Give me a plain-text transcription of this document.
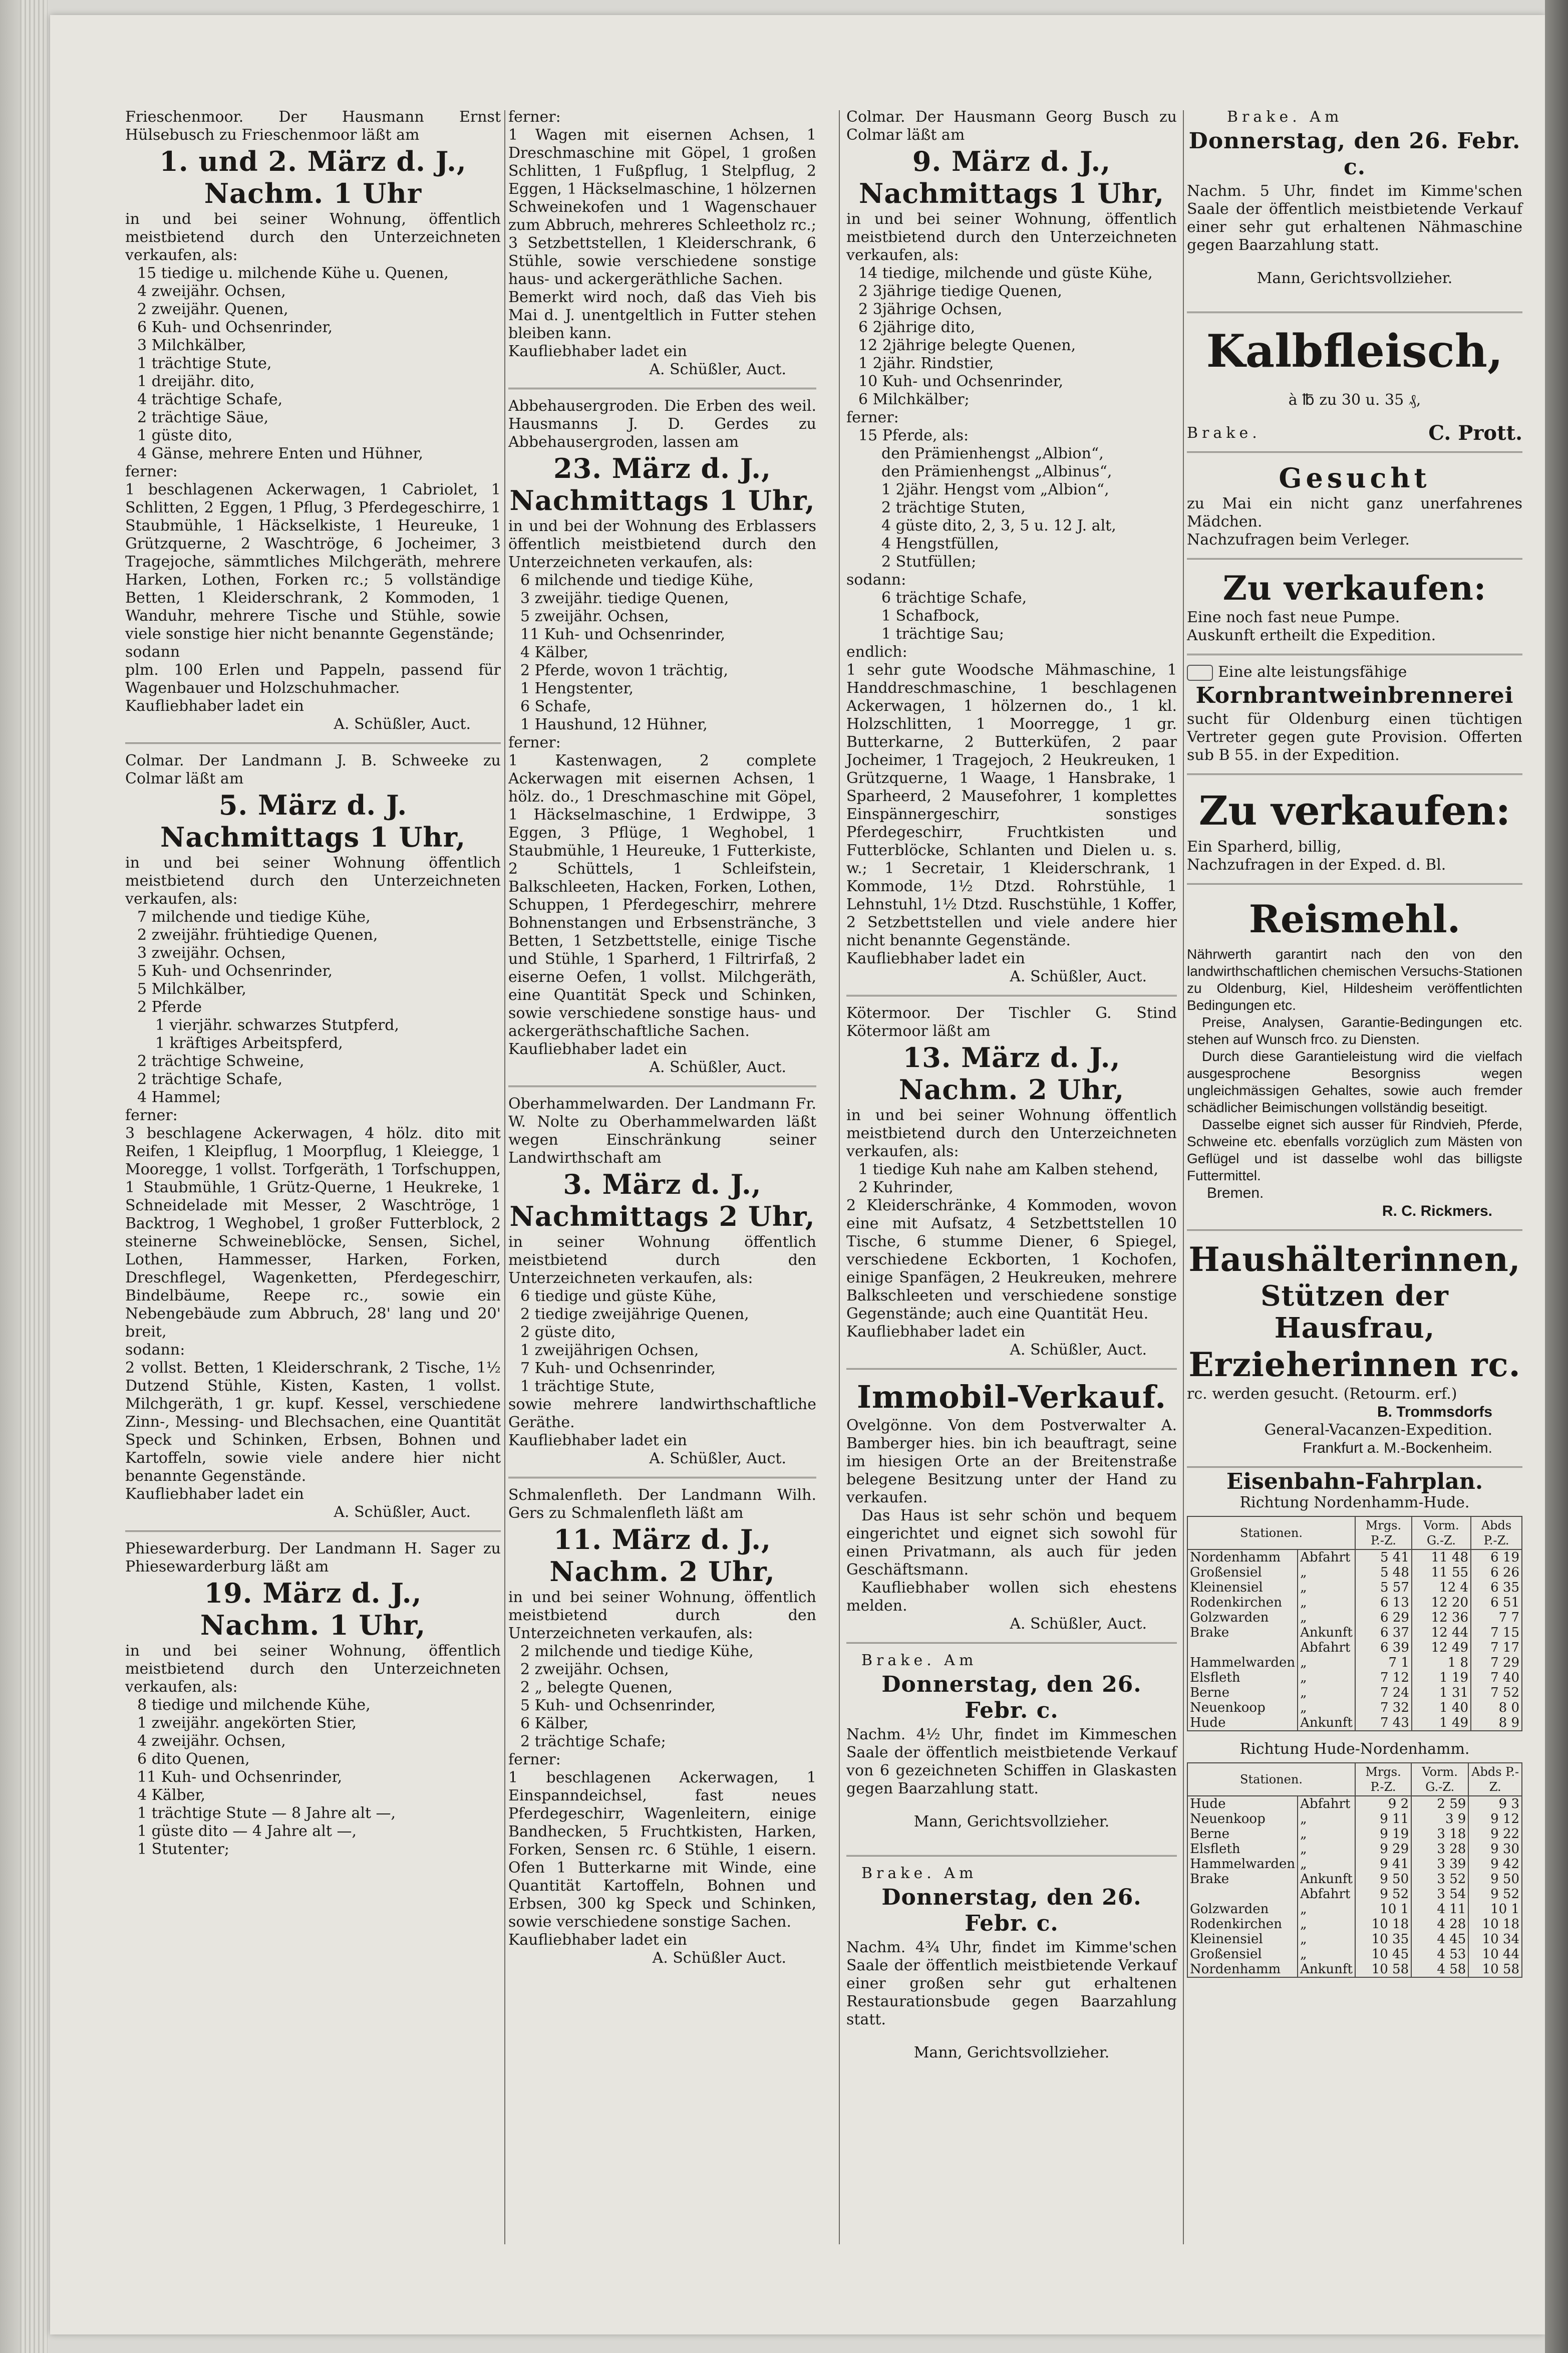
Frieschenmoor. Der Hausmann Ernst Hülsebusch zu Frieschenmoor läßt am

1. und 2. März d. J.,
Nachm. 1 Uhr

in und bei seiner Wohnung, öffentlich meistbietend durch den Unterzeichneten verkaufen, als:

15 tiedige u. milchende Kühe u. Quenen,

4 zweijähr. Ochsen,

2 zweijähr. Quenen,

6 Kuh- und Ochsenrinder,

3 Milchkälber,

1 trächtige Stute,

1 dreijähr. dito,

4 trächtige Schafe,

2 trächtige Säue,

1 güste dito,

4 Gänse, mehrere Enten und Hühner,

ferner:

1 beschlagenen Ackerwagen, 1 Cabriolet, 1 Schlitten, 2 Eggen, 1 Pflug, 3 Pferdegeschirre, 1 Staubmühle, 1 Häckselkiste, 1 Heureuke, 1 Grützquerne, 2 Waschtröge, 6 Jocheimer, 3 Tragejoche, sämmtliches Milchgeräth, mehrere Harken, Lothen, Forken rc.; 5 vollständige Betten, 1 Kleiderschrank, 2 Kommoden, 1 Wanduhr, mehrere Tische und Stühle, sowie viele sonstige hier nicht benannte Gegenstände;

sodann

plm. 100 Erlen und Pappeln, passend für Wagenbauer und Holzschuhmacher.

Kaufliebhaber ladet ein

A. Schüßler, Auct.

Colmar. Der Landmann J. B. Schweeke zu Colmar läßt am

5. März d. J.
Nachmittags 1 Uhr,

in und bei seiner Wohnung öffentlich meistbietend durch den Unterzeichneten verkaufen, als:

7 milchende und tiedige Kühe,

2 zweijähr. frühtiedige Quenen,

3 zweijähr. Ochsen,

5 Kuh- und Ochsenrinder,

5 Milchkälber,

2 Pferde

1 vierjähr. schwarzes Stutpferd,

1 kräftiges Arbeitspferd,

2 trächtige Schweine,

2 trächtige Schafe,

4 Hammel;

ferner:

3 beschlagene Ackerwagen, 4 hölz. dito mit Reifen, 1 Kleipflug, 1 Moorpflug, 1 Kleiegge, 1 Mooregge, 1 vollst. Torfgeräth, 1 Torfschuppen, 1 Staubmühle, 1 Grütz-Querne, 1 Heukreke, 1 Schneidelade mit Messer, 2 Waschtröge, 1 Backtrog, 1 Weghobel, 1 großer Futterblock, 2 steinerne Schweineblöcke, Sensen, Sichel, Lothen, Hammesser, Harken, Forken, Dreschflegel, Wagenketten, Pferdegeschirr, Bindelbäume, Reepe rc., sowie ein Nebengebäude zum Abbruch, 28' lang und 20' breit,

sodann:

2 vollst. Betten, 1 Kleiderschrank, 2 Tische, 1½ Dutzend Stühle, Kisten, Kasten, 1 vollst. Milchgeräth, 1 gr. kupf. Kessel, verschiedene Zinn-, Messing- und Blechsachen, eine Quantität Speck und Schinken, Erbsen, Bohnen und Kartoffeln, sowie viele andere hier nicht benannte Gegenstände.

Kaufliebhaber ladet ein

A. Schüßler, Auct.

Phiesewarderburg. Der Landmann H. Sager zu Phiesewarderburg läßt am

19. März d. J.,
Nachm. 1 Uhr,

in und bei seiner Wohnung, öffentlich meistbietend durch den Unterzeichneten verkaufen, als:

8 tiedige und milchende Kühe,

1 zweijähr. angekörten Stier,

4 zweijähr. Ochsen,

6 dito Quenen,

11 Kuh- und Ochsenrinder,

4 Kälber,

1 trächtige Stute — 8 Jahre alt —,

1 güste dito — 4 Jahre alt —,

1 Stutenter;

ferner:

1 Wagen mit eisernen Achsen, 1 Dreschmaschine mit Göpel, 1 großen Schlitten, 1 Fußpflug, 1 Stelpflug, 2 Eggen, 1 Häckselmaschine, 1 hölzernen Schweinekofen und 1 Wagenschauer zum Abbruch, mehreres Schleetholz rc.; 3 Setzbettstellen, 1 Kleiderschrank, 6 Stühle, sowie verschiedene sonstige haus- und ackergeräthliche Sachen.

Bemerkt wird noch, daß das Vieh bis Mai d. J. unentgeltlich in Futter stehen bleiben kann.

Kaufliebhaber ladet ein

A. Schüßler, Auct.

Abbehausergroden. Die Erben des weil. Hausmanns J. D. Gerdes zu Abbehausergroden, lassen am

23. März d. J.,
Nachmittags 1 Uhr,

in und bei der Wohnung des Erblassers öffentlich meistbietend durch den Unterzeichneten verkaufen, als:

6 milchende und tiedige Kühe,

3 zweijähr. tiedige Quenen,

5 zweijähr. Ochsen,

11 Kuh- und Ochsenrinder,

4 Kälber,

2 Pferde, wovon 1 trächtig,

1 Hengstenter,

6 Schafe,

1 Haushund, 12 Hühner,

ferner:

1 Kastenwagen, 2 complete Ackerwagen mit eisernen Achsen, 1 hölz. do., 1 Dreschmaschine mit Göpel, 1 Häckselmaschine, 1 Erdwippe, 3 Eggen, 3 Pflüge, 1 Weghobel, 1 Staubmühle, 1 Heureuke, 1 Futterkiste, 2 Schüttels, 1 Schleifstein, Balkschleeten, Hacken, Forken, Lothen, Schuppen, 1 Pferdegeschirr, mehrere Bohnenstangen und Erbsenstränche, 3 Betten, 1 Setzbettstelle, einige Tische und Stühle, 1 Sparherd, 1 Filtrirfaß, 2 eiserne Oefen, 1 vollst. Milchgeräth, eine Quantität Speck und Schinken, sowie verschiedene sonstige haus- und ackergeräthschaftliche Sachen.

Kaufliebhaber ladet ein

A. Schüßler, Auct.

Oberhammelwarden. Der Landmann Fr. W. Nolte zu Oberhammelwarden läßt wegen Einschränkung seiner Landwirthschaft am

3. März d. J.,
Nachmittags 2 Uhr,

in seiner Wohnung öffentlich meistbietend durch den Unterzeichneten verkaufen, als:

6 tiedige und güste Kühe,

2 tiedige zweijährige Quenen,

2 güste dito,

1 zweijährigen Ochsen,

7 Kuh- und Ochsenrinder,

1 trächtige Stute,

sowie mehrere landwirthschaftliche Geräthe.

Kaufliebhaber ladet ein

A. Schüßler, Auct.

Schmalenfleth. Der Landmann Wilh. Gers zu Schmalenfleth läßt am

11. März d. J.,
Nachm. 2 Uhr,

in und bei seiner Wohnung, öffentlich meistbietend durch den Unterzeichneten verkaufen, als:

2 milchende und tiedige Kühe,

2 zweijähr. Ochsen,

2 „ belegte Quenen,

5 Kuh- und Ochsenrinder,

6 Kälber,

2 trächtige Schafe;

ferner:

1 beschlagenen Ackerwagen, 1 Einspanndeichsel, fast neues Pferdegeschirr, Wagenleitern, einige Bandhecken, 5 Fruchtkisten, Harken, Forken, Sensen rc. 6 Stühle, 1 eisern. Ofen 1 Butterkarne mit Winde, eine Quantität Kartoffeln, Bohnen und Erbsen, 300 kg Speck und Schinken, sowie verschiedene sonstige Sachen.

Kaufliebhaber ladet ein

A. Schüßler Auct.

Colmar. Der Hausmann Georg Busch zu Colmar läßt am

9. März d. J.,
Nachmittags 1 Uhr,

in und bei seiner Wohnung, öffentlich meistbietend durch den Unterzeichneten verkaufen, als:

14 tiedige, milchende und güste Kühe,

2 3jährige tiedige Quenen,

2 3jährige Ochsen,

6 2jährige dito,

12 2jährige belegte Quenen,

1 2jähr. Rindstier,

10 Kuh- und Ochsenrinder,

6 Milchkälber;

ferner:

15 Pferde, als:

den Prämienhengst „Albion“,

den Prämienhengst „Albinus“,

1 2jähr. Hengst vom „Albion“,

2 trächtige Stuten,

4 güste dito, 2, 3, 5 u. 12 J. alt,

4 Hengstfüllen,

2 Stutfüllen;

sodann:

6 trächtige Schafe,

1 Schafbock,

1 trächtige Sau;

endlich:

1 sehr gute Woodsche Mähmaschine, 1 Handdreschmaschine, 1 beschlagenen Ackerwagen, 1 hölzernen do., 1 kl. Holzschlitten, 1 Moorregge, 1 gr. Butterkarne, 2 Butterküfen, 2 paar Jocheimer, 1 Tragejoch, 2 Heukreuken, 1 Grützquerne, 1 Waage, 1 Hansbrake, 1 Sparheerd, 2 Mausefohrer, 1 komplettes Einspännergeschirr, sonstiges Pferdegeschirr, Fruchtkisten und Futterblöcke, Schlanten und Dielen u. s. w.; 1 Secretair, 1 Kleiderschrank, 1 Kommode, 1½ Dtzd. Rohrstühle, 1 Lehnstuhl, 1½ Dtzd. Ruschstühle, 1 Koffer, 2 Setzbettstellen und viele andere hier nicht benannte Gegenstände.

Kaufliebhaber ladet ein

A. Schüßler, Auct.

Kötermoor. Der Tischler G. Stind Kötermoor läßt am

13. März d. J.,
Nachm. 2 Uhr,

in und bei seiner Wohnung öffentlich meistbietend durch den Unterzeichneten verkaufen, als:

1 tiedige Kuh nahe am Kalben stehend,

2 Kuhrinder,

2 Kleiderschränke, 4 Kommoden, wovon eine mit Aufsatz, 4 Setzbettstellen 10 Tische, 6 stumme Diener, 6 Spiegel, verschiedene Eckborten, 1 Kochofen, einige Spanfägen, 2 Heukreuken, mehrere Balkschleeten und verschiedene sonstige Gegenstände; auch eine Quantität Heu.

Kaufliebhaber ladet ein

A. Schüßler, Auct.

Immobil-Verkauf.

Ovelgönne. Von dem Postverwalter A. Bamberger hies. bin ich beauftragt, seine im hiesigen Orte an der Breitenstraße belegene Besitzung unter der Hand zu verkaufen.

Das Haus ist sehr schön und bequem eingerichtet und eignet sich sowohl für einen Privatmann, als auch für jeden Geschäftsmann.

Kaufliebhaber wollen sich ehestens melden.

A. Schüßler, Auct.

Brake. Am

Donnerstag, den 26. Febr. c.

Nachm. 4½ Uhr, findet im Kimmeschen Saale der öffentlich meistbietende Verkauf von 6 gezeichneten Schiffen in Glaskasten gegen Baarzahlung statt.

Mann, Gerichtsvollzieher.

Brake. Am

Donnerstag, den 26. Febr. c.

Nachm. 4¾ Uhr, findet im Kimme'schen Saale der öffentlich meistbietende Verkauf einer großen sehr gut erhaltenen Restaurationsbude gegen Baarzahlung statt.

Mann, Gerichtsvollzieher.

Brake. Am

Donnerstag, den 26. Febr. c.

Nachm. 5 Uhr, findet im Kimme'schen Saale der öffentlich meistbietende Verkauf einer sehr gut erhaltenen Nähmaschine gegen Baarzahlung statt.

Mann, Gerichtsvollzieher.

Kalbfleisch,

à ℔ zu 30 u. 35 ₰,

Brake.	C. Prott.

Gesucht

zu Mai ein nicht ganz unerfahrenes Mädchen.

Nachzufragen beim Verleger.

Zu verkaufen:

Eine noch fast neue Pumpe.

Auskunft ertheilt die Expedition.

Eine alte leistungsfähige

Kornbrantweinbrennerei

sucht für Oldenburg einen tüchtigen Vertreter gegen gute Provision. Offerten sub B 55. in der Expedition.

Zu verkaufen:

Ein Sparherd, billig,

Nachzufragen in der Exped. d. Bl.

Reismehl.

Nährwerth garantirt nach den von den landwirthschaftlichen chemischen Versuchs-Stationen zu Oldenburg, Kiel, Hildesheim veröffentlichten Bedingungen etc.

Preise, Analysen, Garantie-Bedingungen etc. stehen auf Wunsch frco. zu Diensten.

Durch diese Garantieleistung wird die vielfach ausgesprochene Besorgniss wegen ungleichmässigen Gehaltes, sowie auch fremder schädlicher Beimischungen vollständig beseitigt.

Dasselbe eignet sich ausser für Rindvieh, Pferde, Schweine etc. ebenfalls vorzüglich zum Mästen von Geflügel und ist dasselbe wohl das billigste Futtermittel.

Bremen.

R. C. Rickmers.

Haushälterinnen,
Stützen der Hausfrau,
Erzieherinnen rc.

rc. werden gesucht. (Retourm. erf.)

B. Trommsdorfs

General-Vacanzen-Expedition.

Frankfurt a. M.-Bockenheim.

Eisenbahn-Fahrplan.
Richtung Nordenhamm-Hude.
Stationen.		Mrgs. P.-Z.	Vorm. G.-Z.	Abds P.-Z.
Nordenhamm	Abfahrt	5 41	11 48	6 19
Großensiel	„	5 48	11 55	6 26
Kleinensiel	„	5 57	12 4	6 35
Rodenkirchen	„	6 13	12 20	6 51
Golzwarden	„	6 29	12 36	7 7
Brake	Ankunft	6 37	12 44	7 15
	Abfahrt	6 39	12 49	7 17
Hammelwarden	„	7 1	1 8	7 29
Elsfleth	„	7 12	1 19	7 40
Berne	„	7 24	1 31	7 52
Neuenkoop	„	7 32	1 40	8 0
Hude	Ankunft	7 43	1 49	8 9
Richtung Hude-Nordenhamm.
Stationen.		Mrgs. P.-Z.	Vorm. G.-Z.	Abds P.-Z.
Hude	Abfahrt	9 2	2 59	9 3
Neuenkoop	„	9 11	3 9	9 12
Berne	„	9 19	3 18	9 22
Elsfleth	„	9 29	3 28	9 30
Hammelwarden	„	9 41	3 39	9 42
Brake	Ankunft	9 50	3 52	9 50
	Abfahrt	9 52	3 54	9 52
Golzwarden	„	10 1	4 11	10 1
Rodenkirchen	„	10 18	4 28	10 18
Kleinensiel	„	10 35	4 45	10 34
Großensiel	„	10 45	4 53	10 44
Nordenhamm	Ankunft	10 58	4 58	10 58
